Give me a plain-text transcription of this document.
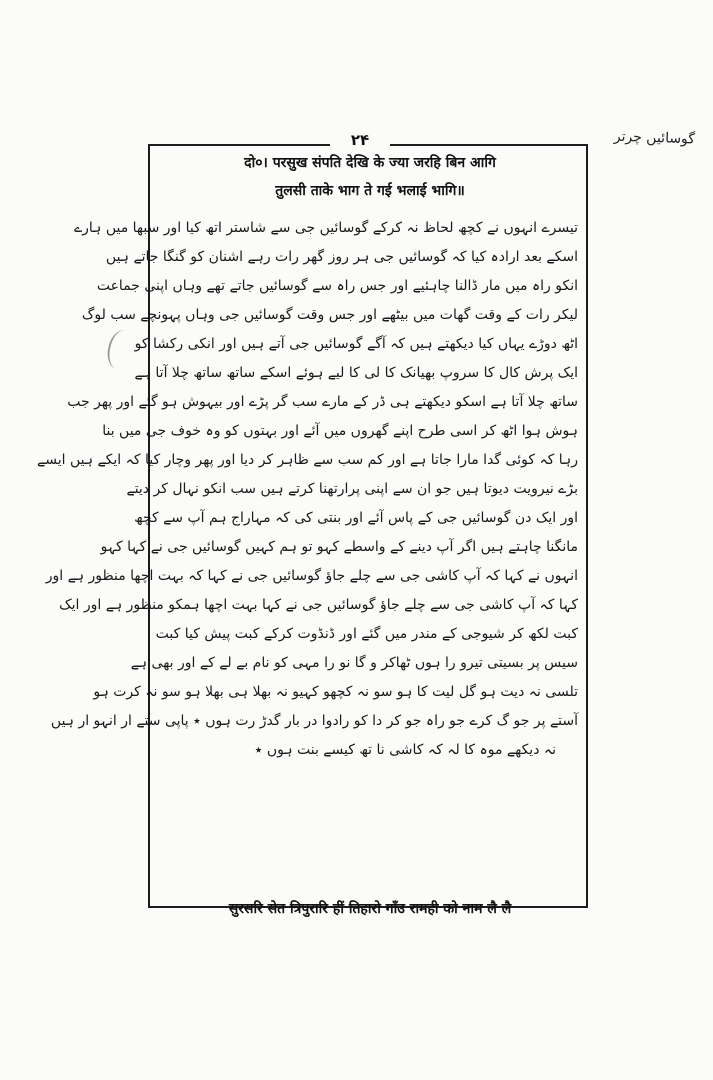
گوسائیں چرتر
۲۴
दो०। परसुख संपति देखि के ज्या जरहि बिन आगि
तुलसी ताके भाग ते गई भलाई भागि॥
تیسرے انہوں نے کچھ لحاظ نہ کرکے گوسائیں جی سے شاستر اتھ کیا اور سبھا میں ہارے
اسکے بعد ارادہ کیا کہ گوسائیں جی ہر روز گھر رات رہے اشنان کو گنگا جاتے ہیں
انکو راہ میں مار ڈالنا چاہئیے اور جس راہ سے گوسائیں جاتے تھے وہاں اپنی جماعت
لیکر رات کے وقت گھات میں بیٹھے اور جس وقت گوسائیں جی وہاں پہونچے سب لوگ
اٹھ دوڑے یہاں کیا دیکھتے ہیں کہ آگے گوسائیں جی آتے ہیں اور انکی رکشا کو
ایک پرش کال کا سروپ بھیانک کا لی کا لیے ہوئے اسکے ساتھ ساتھ چلا آتا ہے
ساتھ چلا آتا ہے اسکو دیکھتے ہی ڈر کے مارے سب گر پڑے اور بیہوش ہو گئے اور پھر جب
ہوش ہوا اٹھ کر اسی طرح اپنے گھروں میں آئے اور بہتوں کو وہ خوف جی میں بنا
رہا کہ کوئی گدا مارا جاتا ہے اور کم سب سے ظاہر کر دیا اور پھر وچار کیا کہ ایکے ہیں ایسے
بڑے نیرویت دیوتا ہیں جو ان سے اپنی پرارتھنا کرتے ہیں سب انکو نہال کر دیتے
اور ایک دن گوسائیں جی کے پاس آئے اور بنتی کی کہ مہاراج ہم آپ سے کچھ
مانگنا چاہتے ہیں اگر آپ دینے کے واسطے کہو تو ہم کہیں گوسائیں جی نے کہا کہو
انہوں نے کہا کہ آپ کاشی جی سے چلے جاؤ گوسائیں جی نے کہا کہ بہت اچھا منظور ہے اور
کہا کہ آپ کاشی جی سے چلے جاؤ گوسائیں جی نے کہا بہت اچھا ہمکو منظور ہے اور ایک
کبت لکھ کر شیوجی کے مندر میں گئے اور ڈنڈوت کرکے کبت پیش کیا کبت
سیس پر بسیتی تیرو را ہوں ٹھاکر و گا نو را مہی کو نام بے لے کے اور بھی ہے
تلسی نہ دیت ہو گل لیت کا ہو سو نہ کچھو کہیو نہ بھلا ہی بھلا ہو سو نہ کرت ہو
آستے پر جو گ کرے جو راہ جو کر دا کو رادوا در بار گدڑ رت ہوں ٭ پاپی ستے ار انہو ار ہیں
نہ دیکھے موہ کا لہ کہ کاشی نا تھ کیسے بنت ہوں ٭
सुरसरि सेत त्रिपुरारि हीं तिहारो गाँउ रामही को नाम लै लै
